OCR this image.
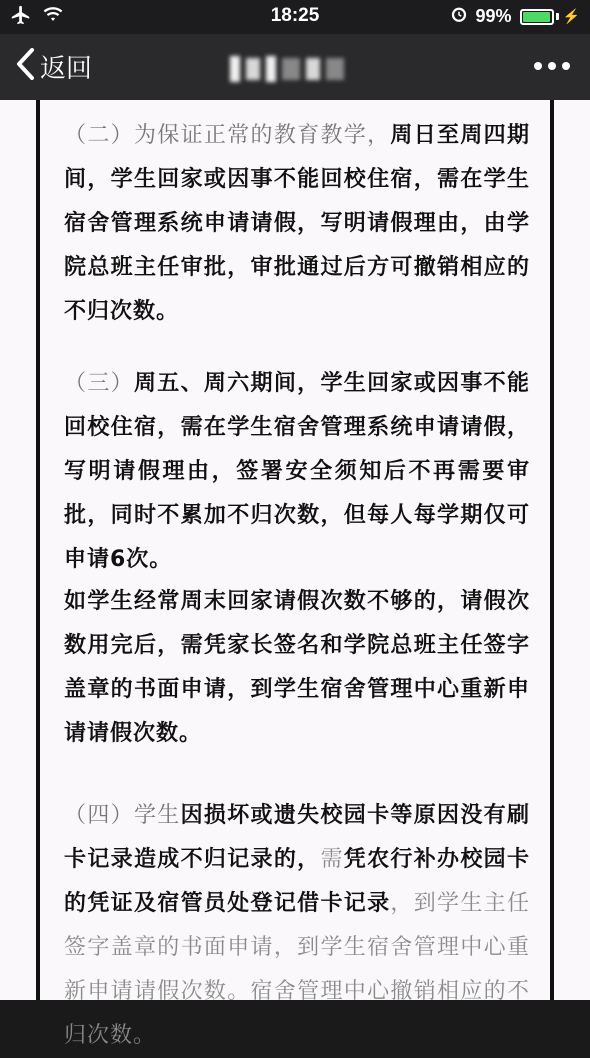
18:25	99%	⚡
返回
（二）为保证正常的教育教学，周日至周四期间，学生回家或因事不能回校住宿，需在学生宿舍管理系统申请请假，写明请假理由，由学院总班主任审批，审批通过后方可撤销相应的不归次数。
（三）周五、周六期间，学生回家或因事不能回校住宿，需在学生宿舍管理系统申请请假，写明请假理由，签署安全须知后不再需要审批，同时不累加不归次数，但每人每学期仅可申请6次。
如学生经常周末回家请假次数不够的，请假次数用完后，需凭家长签名和学院总班主任签字盖章的书面申请，到学生宿舍管理中心重新申请请假次数。
（四）学生因损坏或遗失校园卡等原因没有刷卡记录造成不归记录的，需凭农行补办校园卡的凭证及宿管员处登记借卡记录，到学生主任签字盖章的书面申请，到学生宿舍管理中心重新申请请假次数。宿舍管理中心撤销相应的不归次数。
